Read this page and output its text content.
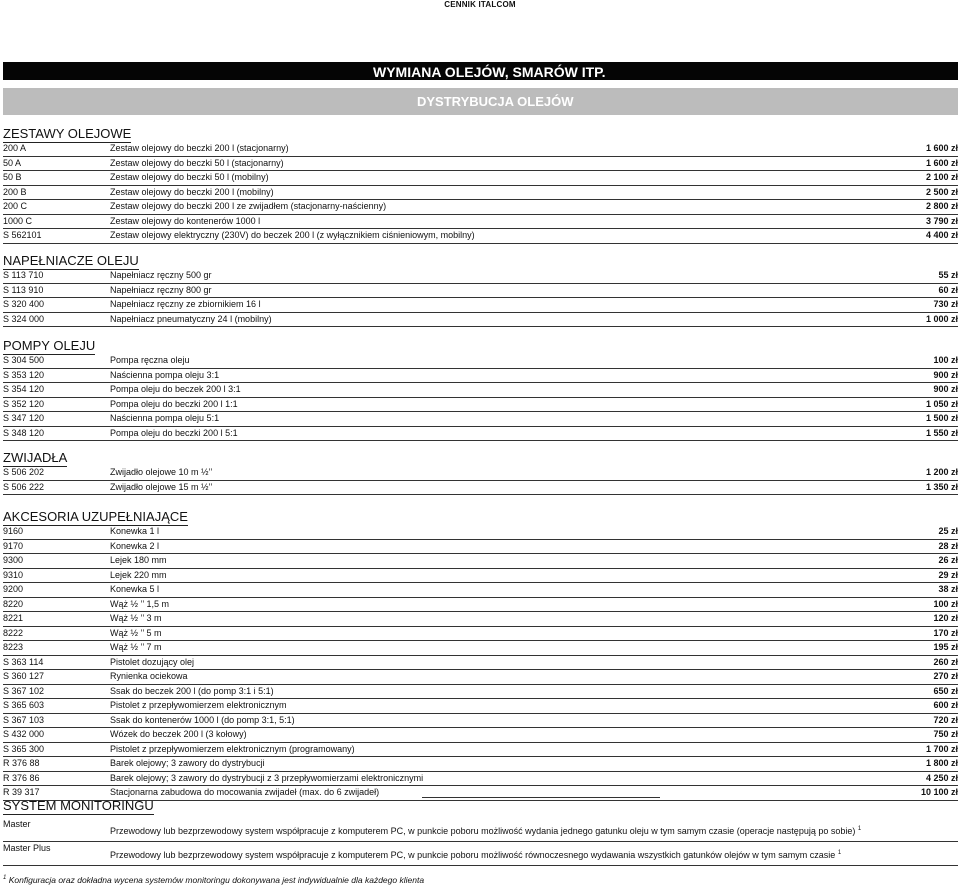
CENNIK ITALCOM
WYMIANA OLEJÓW, SMARÓW ITP.
DYSTRYBUCJA OLEJÓW
ZESTAWY OLEJOWE
200 A	Zestaw olejowy do beczki 200 l (stacjonarny)	1 600 zł
50 A	Zestaw olejowy do beczki 50 l (stacjonarny)	1 600 zł
50 B	Zestaw olejowy do beczki 50 l (mobilny)	2 100 zł
200 B	Zestaw olejowy do beczki 200 l (mobilny)	2 500 zł
200 C	Zestaw olejowy do beczki 200 l ze zwijadłem (stacjonarny-naścienny)	2 800 zł
1000 C	Zestaw olejowy do kontenerów 1000 l	3 790 zł
S 562101	Zestaw olejowy elektryczny (230V) do beczek 200 l (z wyłącznikiem ciśnieniowym, mobilny)	4 400 zł
NAPEŁNIACZE OLEJU
S 113 710	Napełniacz ręczny 500 gr	55 zł
S 113 910	Napełniacz ręczny 800 gr	60 zł
S 320 400	Napełniacz ręczny ze zbiornikiem 16 l	730 zł
S 324 000	Napełniacz pneumatyczny 24 l (mobilny)	1 000 zł
POMPY OLEJU
S 304 500	Pompa ręczna oleju	100 zł
S 353 120	Naścienna pompa oleju 3:1	900 zł
S 354 120	Pompa oleju do beczek 200 l 3:1	900 zł
S 352 120	Pompa oleju do beczki 200 l 1:1	1 050 zł
S 347 120	Naścienna pompa oleju 5:1	1 500 zł
S 348 120	Pompa oleju do beczki 200 l 5:1	1 550 zł
ZWIJADŁA
S 506 202	Zwijadło olejowe 10 m ½’’	1 200 zł
S 506 222	Zwijadło olejowe 15 m ½’’	1 350 zł
AKCESORIA UZUPEŁNIAJĄCE
9160	Konewka 1 l	25 zł
9170	Konewka 2 l	28 zł
9300	Lejek 180 mm	26 zł
9310	Lejek 220 mm	29 zł
9200	Konewka 5 l	38 zł
8220	Wąż ½ ’’ 1,5 m	100 zł
8221	Wąż ½ ’’ 3 m	120 zł
8222	Wąż ½ ’’ 5 m	170 zł
8223	Wąż ½ ’’ 7 m	195 zł
S 363 114	Pistolet dozujący olej	260 zł
S 360 127	Rynienka ociekowa	270 zł
S 367 102	Ssak do beczek 200 l (do pomp 3:1 i 5:1)	650 zł
S 365 603	Pistolet z przepływomierzem elektronicznym	600 zł
S 367 103	Ssak do kontenerów 1000 l (do pomp 3:1, 5:1)	720 zł
S 432 000	Wózek do beczek 200 l (3 kołowy)	750 zł
S 365 300	Pistolet z przepływomierzem elektronicznym (programowany)	1 700 zł
R 376 88	Barek olejowy; 3 zawory do dystrybucji	1 800 zł
R 376 86	Barek olejowy; 3 zawory do dystrybucji z 3 przepływomierzami elektronicznymi	4 250 zł
R 39 317	Stacjonarna zabudowa do mocowania zwijadeł (max. do 6 zwijadeł)	10 100 zł
SYSTEM MONITORINGU
Master
Przewodowy lub bezprzewodowy system współpracuje z komputerem PC, w punkcie poboru możliwość wydania jednego gatunku oleju w tym samym czasie (operacje następują po sobie) $^1$
Master Plus
Przewodowy lub bezprzewodowy system współpracuje z komputerem PC, w punkcie poboru możliwość równoczesnego wydawania wszystkich gatunków olejów w tym samym czasie $^1$
$^1$ Konfiguracja oraz dokładna wycena systemów monitoringu dokonywana jest indywidualnie dla każdego klienta
